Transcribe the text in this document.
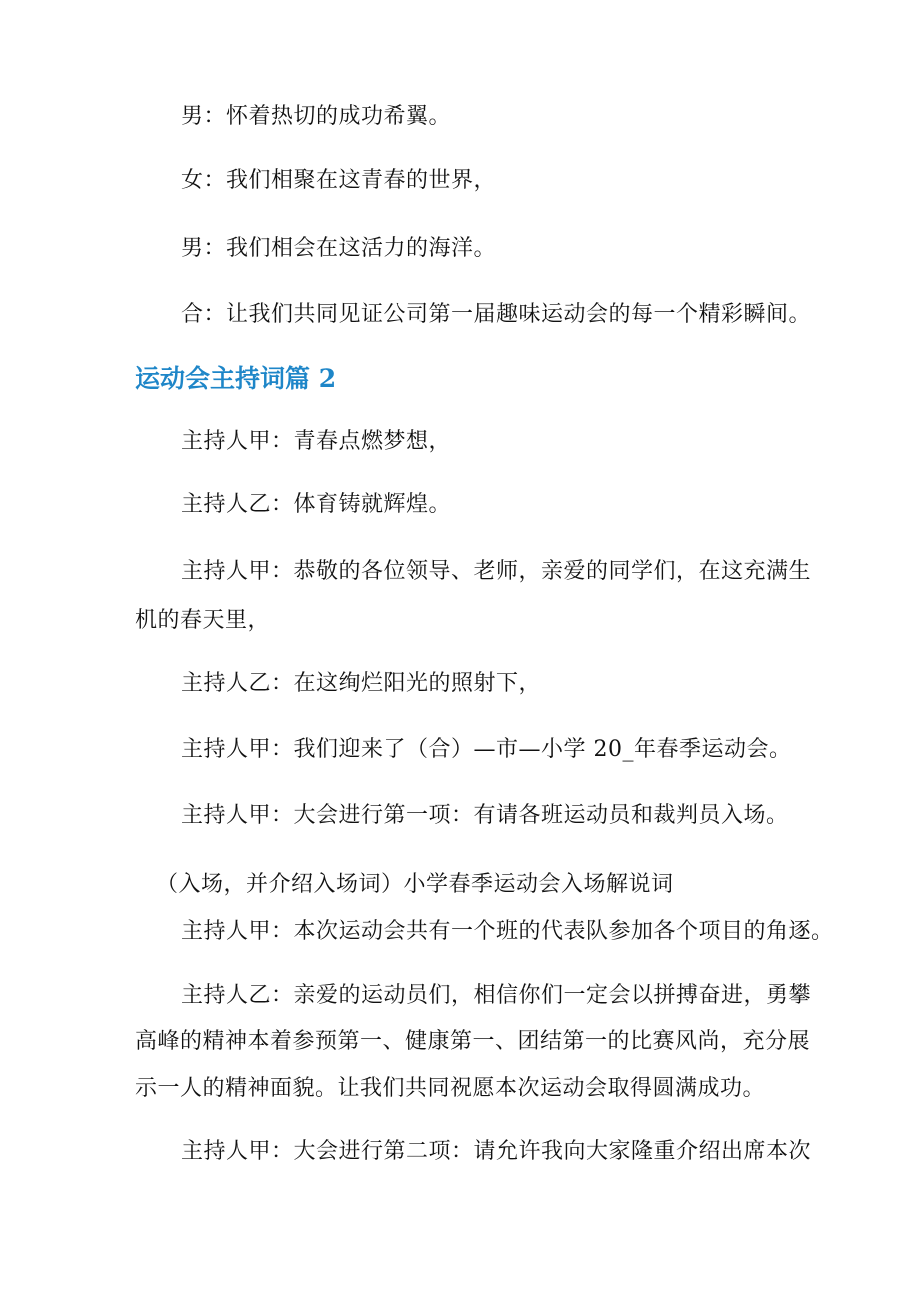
男：怀着热切的成功希翼。
女：我们相聚在这青春的世界，
男：我们相会在这活力的海洋。
合：让我们共同见证公司第一届趣味运动会的每一个精彩瞬间。
运动会主持词篇 2
主持人甲：青春点燃梦想，
主持人乙：体育铸就辉煌。
主持人甲：恭敬的各位领导、老师，亲爱的同学们，在这充满生
机的春天里，
主持人乙：在这绚烂阳光的照射下，
主持人甲：我们迎来了（合）—市—小学 20_年春季运动会。
主持人甲：大会进行第一项：有请各班运动员和裁判员入场。
（入场，并介绍入场词）小学春季运动会入场解说词
主持人甲：本次运动会共有一个班的代表队参加各个项目的角逐。
主持人乙：亲爱的运动员们，相信你们一定会以拼搏奋进，勇攀
高峰的精神本着参预第一、健康第一、团结第一的比赛风尚，充分展
示一人的精神面貌。让我们共同祝愿本次运动会取得圆满成功。
主持人甲：大会进行第二项：请允许我向大家隆重介绍出席本次
